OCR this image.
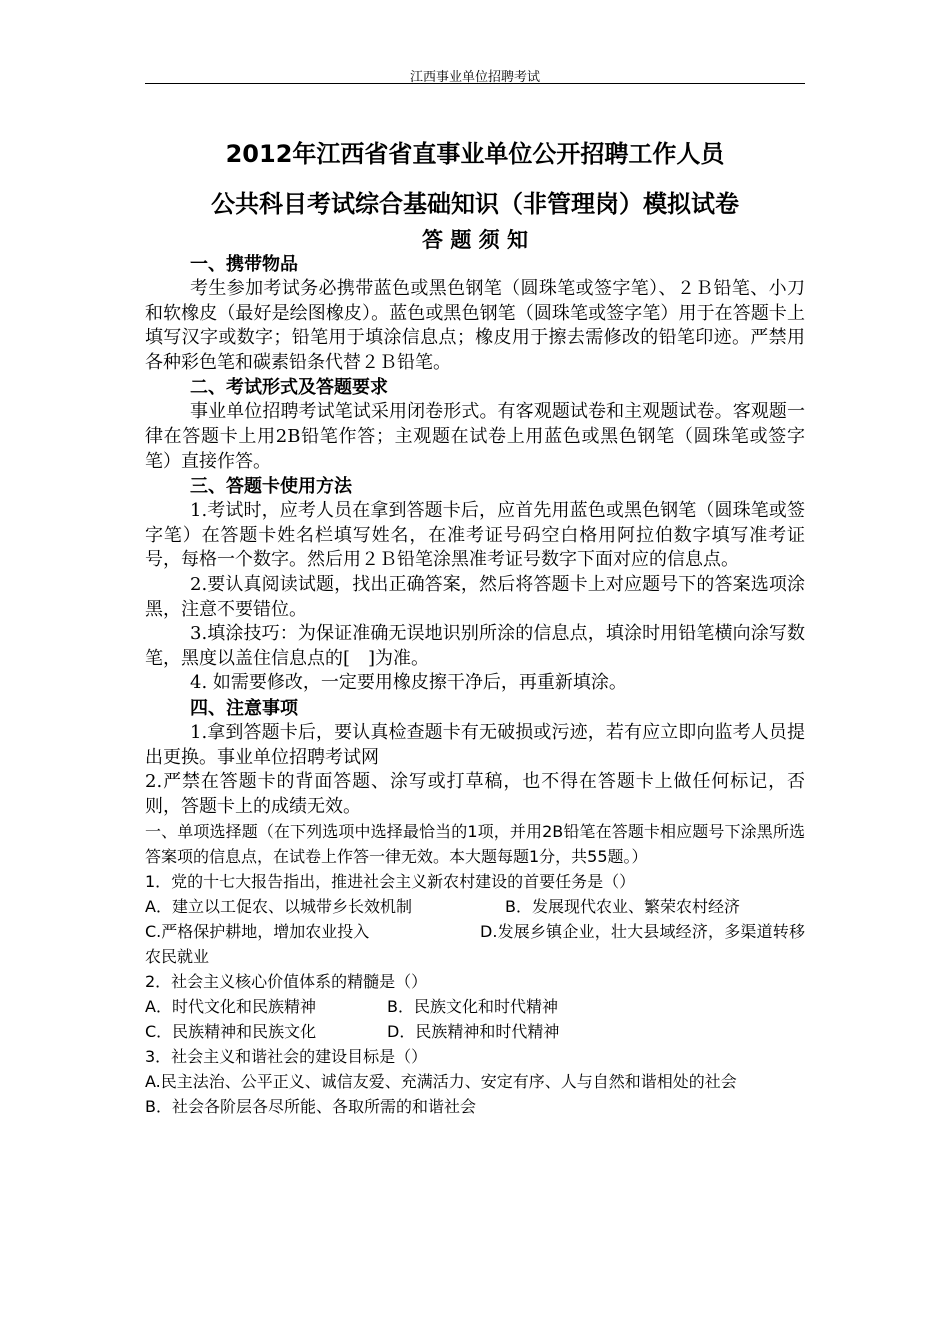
江西事业单位招聘考试
2012年江西省省直事业单位公开招聘工作人员
公共科目考试综合基础知识（非管理岗）模拟试卷
答 题 须 知
一、携带物品
考生参加考试务必携带蓝色或黑色钢笔（圆珠笔或签字笔）、２Ｂ铅笔、小刀和软橡皮（最好是绘图橡皮）。蓝色或黑色钢笔（圆珠笔或签字笔）用于在答题卡上填写汉字或数字；铅笔用于填涂信息点；橡皮用于擦去需修改的铅笔印迹。严禁用各种彩色笔和碳素铅条代替２Ｂ铅笔。
二、考试形式及答题要求
事业单位招聘考试笔试采用闭卷形式。有客观题试卷和主观题试卷。客观题一律在答题卡上用2B铅笔作答；主观题在试卷上用蓝色或黑色钢笔（圆珠笔或签字笔）直接作答。
三、答题卡使用方法
1.考试时，应考人员在拿到答题卡后，应首先用蓝色或黑色钢笔（圆珠笔或签字笔）在答题卡姓名栏填写姓名，在准考证号码空白格用阿拉伯数字填写准考证号，每格一个数字。然后用２Ｂ铅笔涂黑准考证号数字下面对应的信息点。
2.要认真阅读试题，找出正确答案，然后将答题卡上对应题号下的答案选项涂黑，注意不要错位。
3.填涂技巧：为保证准确无误地识别所涂的信息点，填涂时用铅笔横向涂写数笔，黑度以盖住信息点的[　]为准。
4. 如需要修改，一定要用橡皮擦干净后，再重新填涂。
四、注意事项
1.拿到答题卡后，要认真检查题卡有无破损或污迹，若有应立即向监考人员提出更换。事业单位招聘考试网
2.严禁在答题卡的背面答题、涂写或打草稿，也不得在答题卡上做任何标记，否则，答题卡上的成绩无效。
一、单项选择题（在下列选项中选择最恰当的1项，并用2B铅笔在答题卡相应题号下涂黑所选答案项的信息点，在试卷上作答一律无效。本大题每题1分，共55题。）
1．党的十七大报告指出，推进社会主义新农村建设的首要任务是（）
A．建立以工促农、以城带乡长效机制	B．发展现代农业、繁荣农村经济
C.严格保护耕地，增加农业投入	D.发展乡镇企业，壮大县域经济，多渠道转移农民就业
2．社会主义核心价值体系的精髓是（）
A．时代文化和民族精神	B．民族文化和时代精神
C．民族精神和民族文化	D．民族精神和时代精神
3．社会主义和谐社会的建设目标是（）
A.民主法治、公平正义、诚信友爱、充满活力、安定有序、人与自然和谐相处的社会
B．社会各阶层各尽所能、各取所需的和谐社会
